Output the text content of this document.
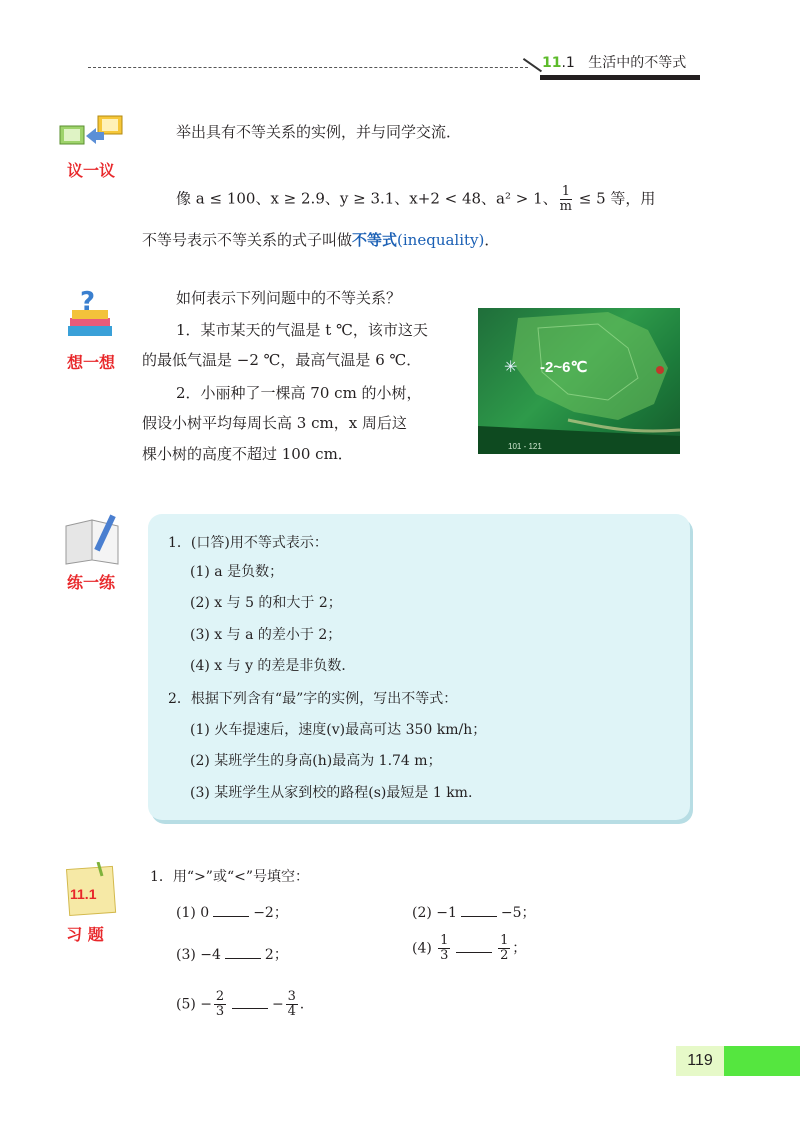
11.1 生活中的不等式
议一议
举出具有不等关系的实例，并与同学交流．
像 a ≤ 100、x ≥ 2.9、y ≥ 3.1、x+2 < 48、a² > 1、 $\frac{1}{m} \le 5$ 等，用
不等号表示不等关系的式子叫做不等式(inequality)．
?
想一想
如何表示下列问题中的不等关系？
1．某市某天的气温是 t ℃，该市这天
的最低气温是 −2 ℃，最高气温是 6 ℃．
2．小丽种了一棵高 70 cm 的小树，
假设小树平均每周长高 3 cm，x 周后这
棵小树的高度不超过 100 cm．
✳ -2~6℃
101 - 121
练一练
1．(口答)用不等式表示：
(1) a 是负数；
(2) x 与 5 的和大于 2；
(3) x 与 a 的差小于 2；
(4) x 与 y 的差是非负数．
2．根据下列含有“最”字的实例，写出不等式：
(1) 火车提速后，速度(v)最高可达 350 km/h；
(2) 某班学生的身高(h)最高为 1.74 m；
(3) 某班学生从家到校的路程(s)最短是 1 km.
11.1
习 题
1．用“>”或“<”号填空：
(1) 0	−2；	(2) −1	−5；
(3) −4	2；	$(4) \frac{1}{3}$	$\frac{1}{2}$ ；
$(5) - \frac{2}{3}$	− $\frac{3}{4}$ .
119
